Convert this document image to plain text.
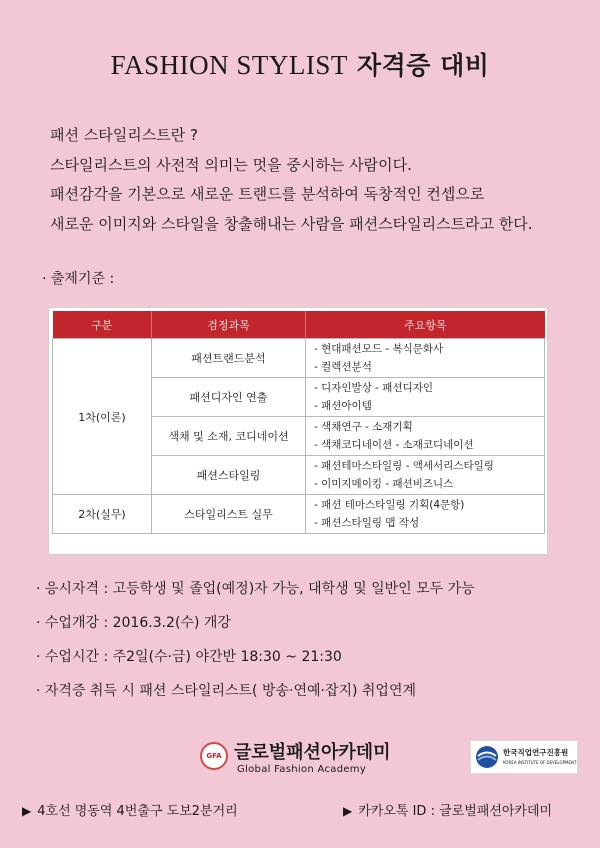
FASHION STYLIST 자격증 대비

패션 스타일리스트란 ?

스타일리스트의 사전적 의미는 멋을 중시하는 사람이다.

패션감각을 기본으로 새로운 트랜드를 분석하여 독창적인 컨셉으로

새로운 이미지와 스타일을 창출해내는 사람을 패션스타일리스트라고 한다.

· 출제기준 :
구분	검정과목	주요항목
1차(이론)	패션트랜드분석	- 현대패션모드 - 복식문화사
- 컬렉션분석

	패션디자인 연출	- 디자인발상 - 패션디자인
- 패션아이템

	색채 및 소재, 코디네이션	- 색채연구 - 소재기획
- 색채코디네이션 - 소재코디네이션

	패션스타일링	- 패션테마스타일링 - 액세서리스타일링
- 이미지메이킹 - 패션비즈니스

2차(실무)	스타일리스트 실무	- 패션 테마스타일링 기획(4문항)
- 패션스타일링 맵 작성

· 응시자격 : 고등학생 및 졸업(예정)자 가능, 대학생 및 일반인 모두 가능

· 수업개강 : 2016.3.2(수) 개강

· 수업시간 : 주2일(수·금) 야간반 18:30 ~ 21:30

· 자격증 취득 시 패션 스타일리스트( 방송·연예·잡지) 취업연계

GFA 글로벌패션아카데미
Global Fashion Academy
한국직업연구진흥원
KOREA INSTITUTE OF DEVELOPMENT
▶ 4호선 명동역 4번출구 도보2분거리	▶ 카카오톡 ID : 글로벌패션아카데미
